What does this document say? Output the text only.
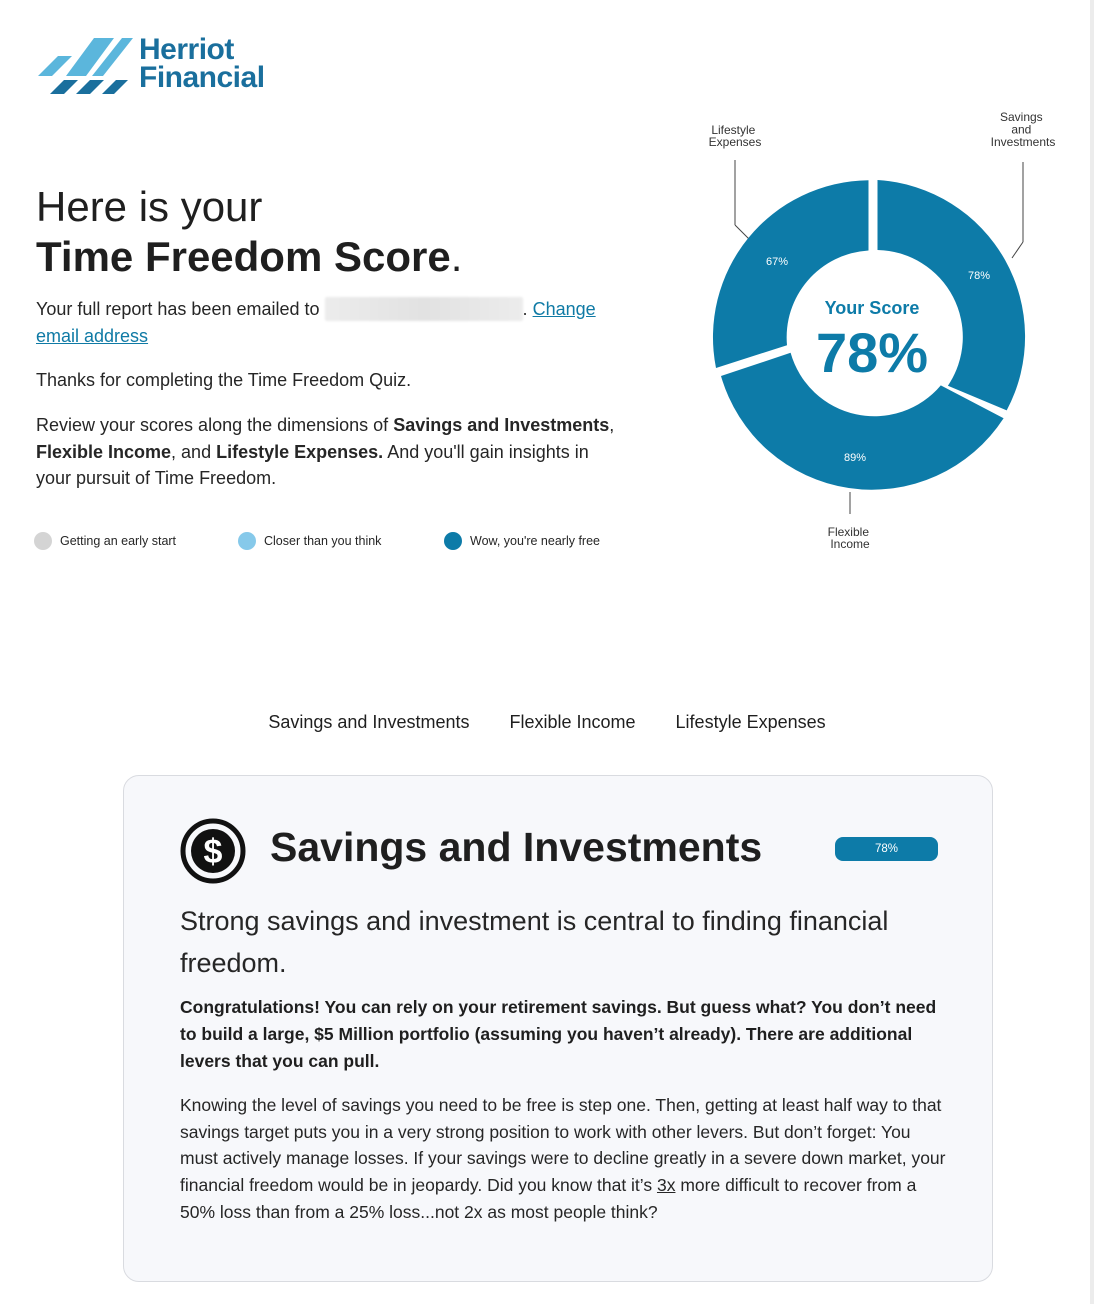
Herriot
Financial
Here is your
Time Freedom Score.

Your full report has been emailed to	. Change email address

Thanks for completing the Time Freedom Quiz.

Review your scores along the dimensions of Savings and Investments, Flexible Income, and Lifestyle Expenses. And you'll gain insights in your pursuit of Time Freedom.

Getting an early start	Closer than you think	Wow, you're nearly free
78%
89%
67%
Your Score
78%
Lifestyle Expenses
Savings and Investments
Flexible Income
Savings and Investments Flexible Income Lifestyle Expenses
$ Savings and Investments	78%
Strong savings and investment is central to finding financial freedom.

Congratulations! You can rely on your retirement savings. But guess what? You don’t need to build a large, $5 Million portfolio (assuming you haven’t already). There are additional levers that you can pull.

Knowing the level of savings you need to be free is step one. Then, getting at least half way to that savings target puts you in a very strong position to work with other levers. But don’t forget: You must actively manage losses. If your savings were to decline greatly in a severe down market, your financial freedom would be in jeopardy. Did you know that it’s 3x more difficult to recover from a 50% loss than from a 25% loss...not 2x as most people think?
